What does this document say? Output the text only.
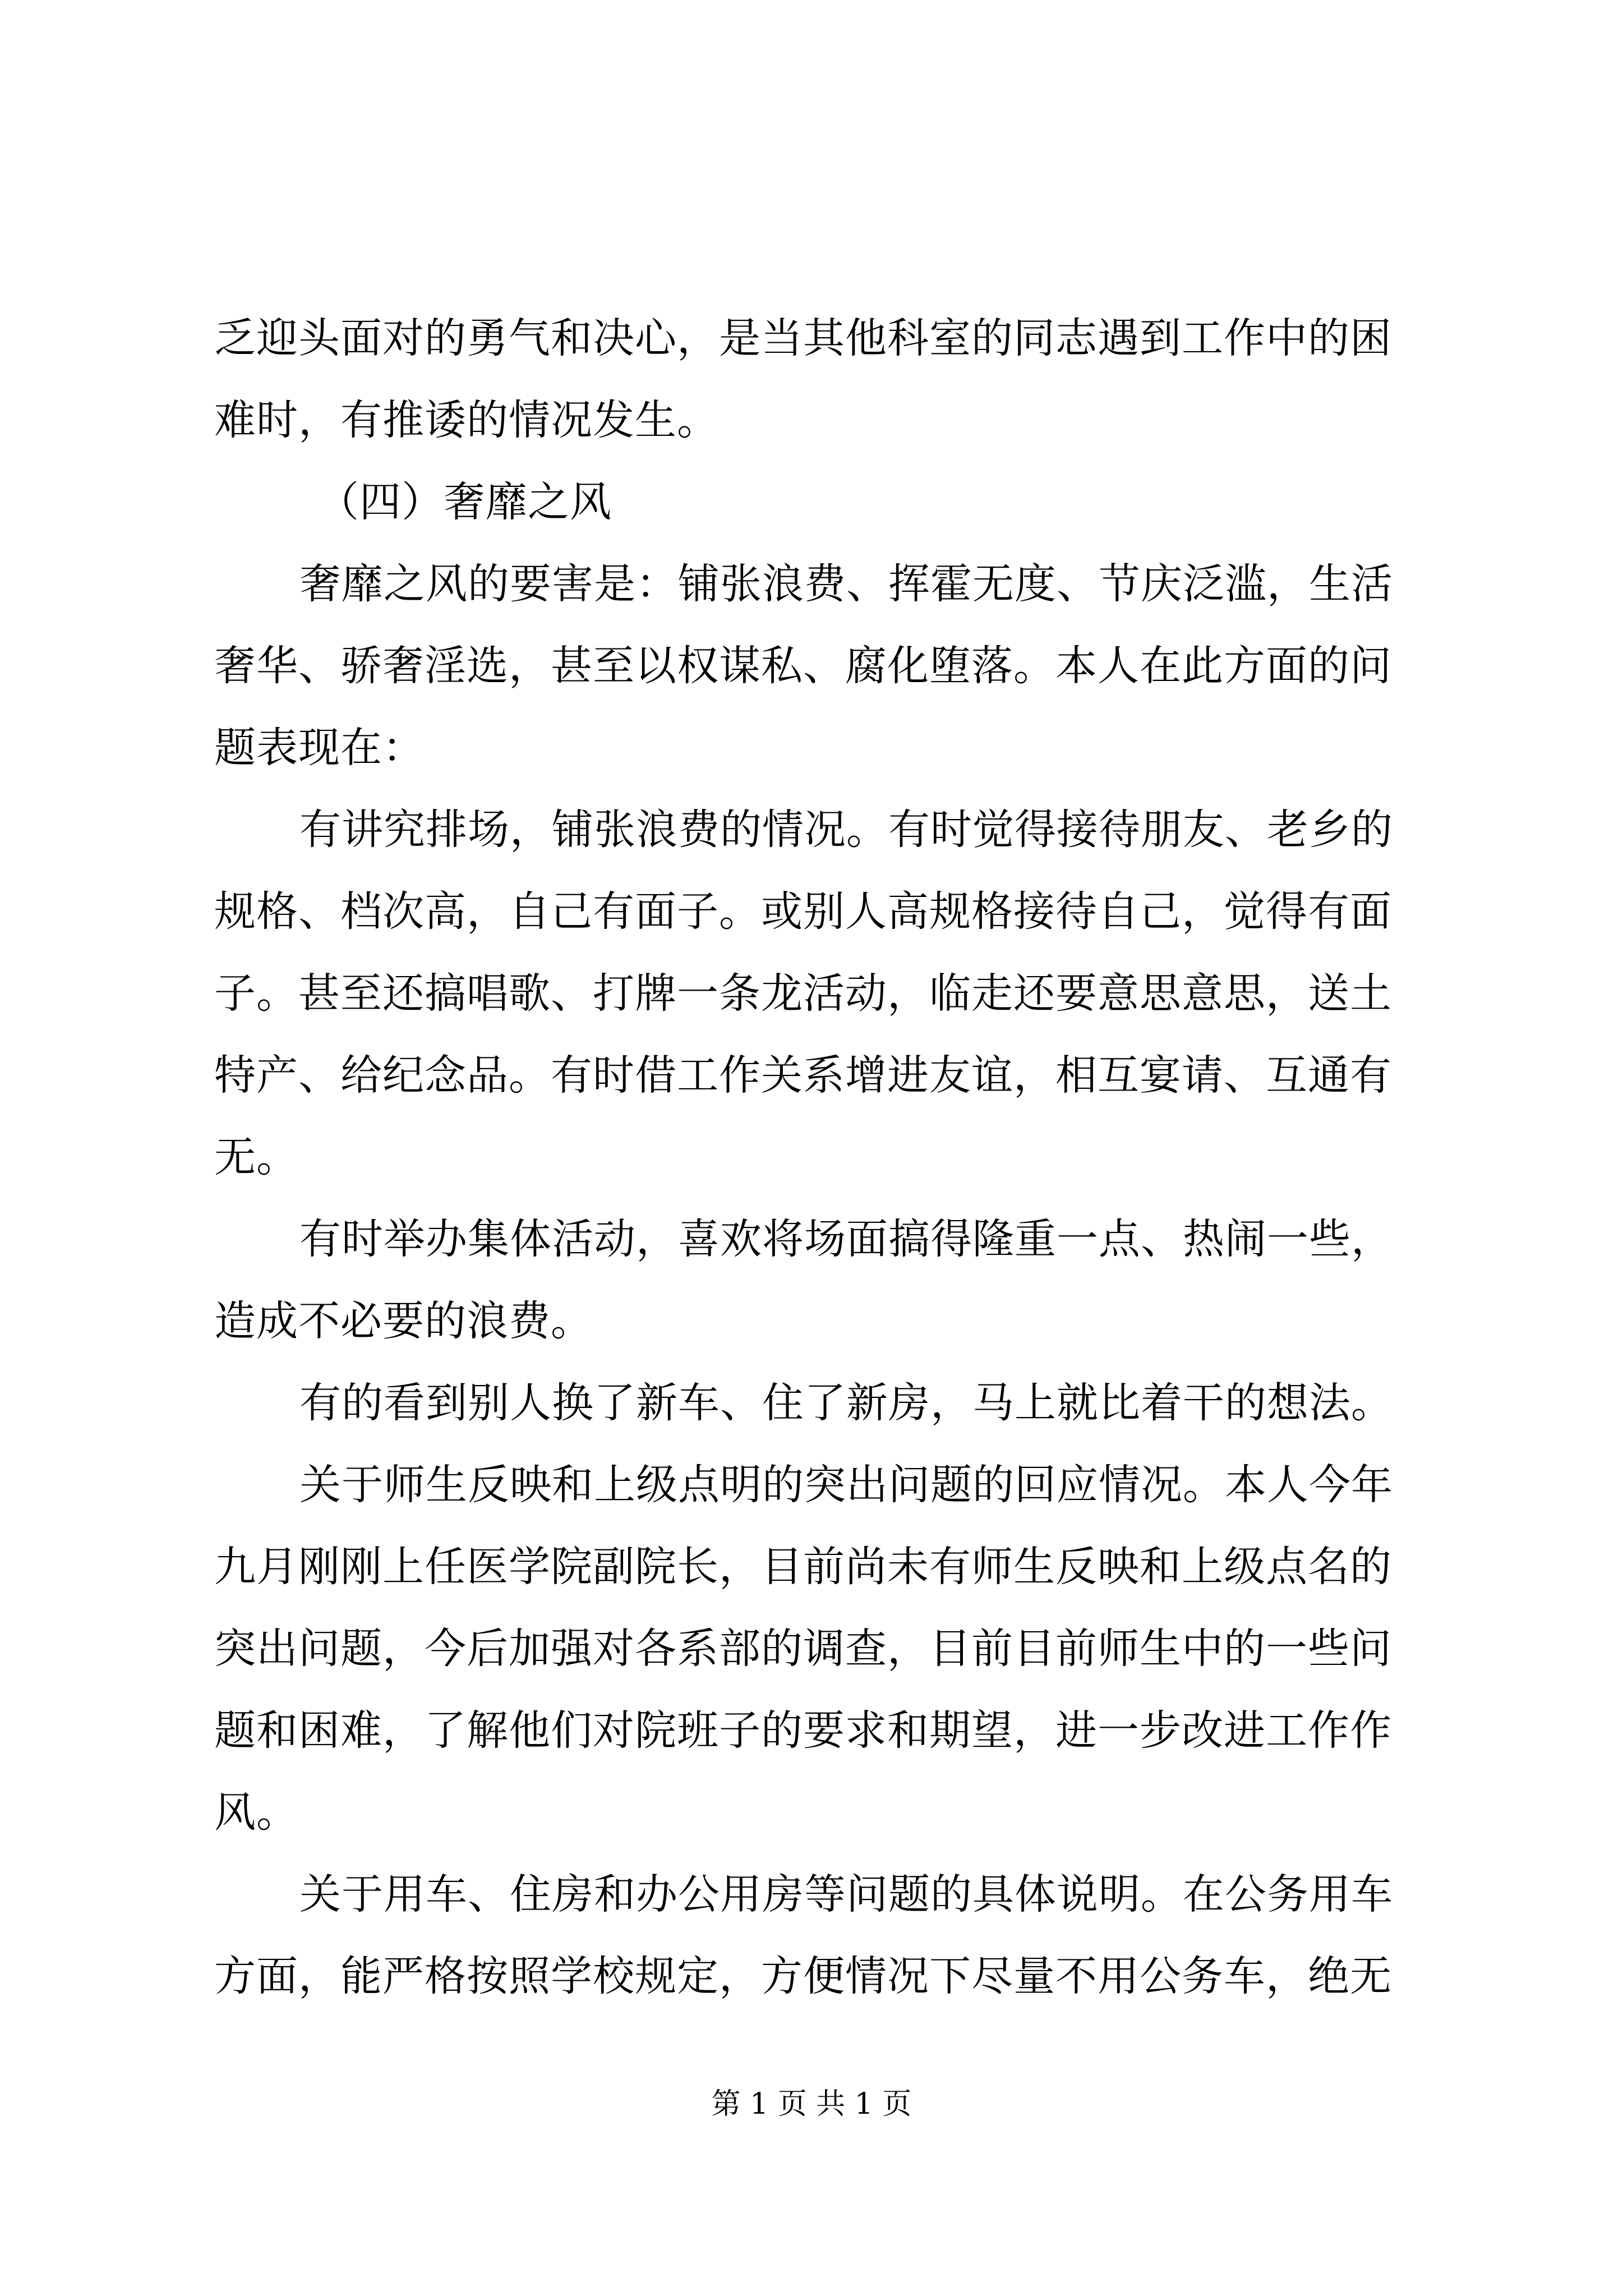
乏迎头面对的勇气和决心，是当其他科室的同志遇到工作中的困
难时，有推诿的情况发生。
（四）奢靡之风
奢靡之风的要害是：铺张浪费、挥霍无度、节庆泛滥，生活
奢华、骄奢淫选，甚至以权谋私、腐化堕落。本人在此方面的问
题表现在：
有讲究排场，铺张浪费的情况。有时觉得接待朋友、老乡的
规格、档次高，自己有面子。或别人高规格接待自己，觉得有面
子。甚至还搞唱歌、打牌一条龙活动，临走还要意思意思，送土
特产、给纪念品。有时借工作关系增进友谊，相互宴请、互通有
无。
有时举办集体活动，喜欢将场面搞得隆重一点、热闹一些，
造成不必要的浪费。
有的看到别人换了新车、住了新房，马上就比着干的想法。
关于师生反映和上级点明的突出问题的回应情况。本人今年
九月刚刚上任医学院副院长，目前尚未有师生反映和上级点名的
突出问题，今后加强对各系部的调查，目前目前师生中的一些问
题和困难，了解他们对院班子的要求和期望，进一步改进工作作
风。
关于用车、住房和办公用房等问题的具体说明。在公务用车
方面，能严格按照学校规定，方便情况下尽量不用公务车，绝无
第 1 页 共 1 页
